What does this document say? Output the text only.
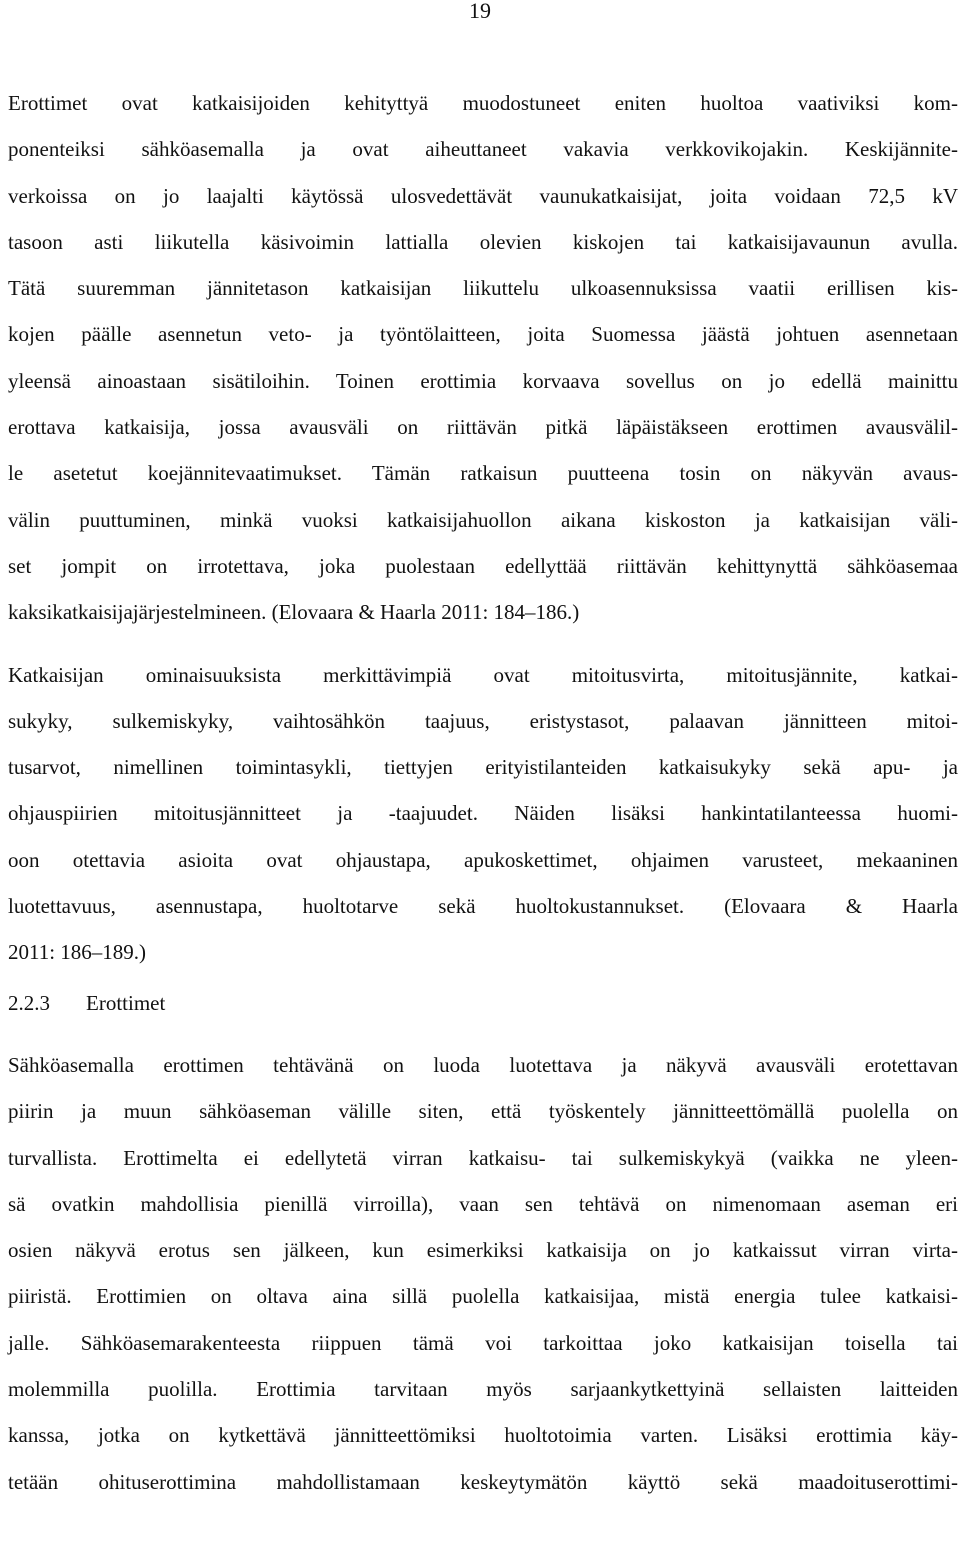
19
Erottimet ovat katkaisijoiden kehityttyä muodostuneet eniten huoltoa vaativiksi kom-
ponenteiksi sähköasemalla ja ovat aiheuttaneet vakavia verkkovikojakin. Keskijännite-
verkoissa on jo laajalti käytössä ulosvedettävät vaunukatkaisijat, joita voidaan 72,5 kV
tasoon asti liikutella käsivoimin lattialla olevien kiskojen tai katkaisijavaunun avulla.
Tätä suuremman jännitetason katkaisijan liikuttelu ulkoasennuksissa vaatii erillisen kis-
kojen päälle asennetun veto- ja työntölaitteen, joita Suomessa jäästä johtuen asennetaan
yleensä ainoastaan sisätiloihin. Toinen erottimia korvaava sovellus on jo edellä mainittu
erottava katkaisija, jossa avausväli on riittävän pitkä läpäistäkseen erottimen avausvälil-
le asetetut koejännitevaatimukset. Tämän ratkaisun puutteena tosin on näkyvän avaus-
välin puuttuminen, minkä vuoksi katkaisijahuollon aikana kiskoston ja katkaisijan väli-
set jompit on irrotettava, joka puolestaan edellyttää riittävän kehittynyttä sähköasemaa
kaksikatkaisijajärjestelmineen. (Elovaara & Haarla 2011: 184–186.)
Katkaisijan ominaisuuksista merkittävimpiä ovat mitoitusvirta, mitoitusjännite, katkai-
sukyky, sulkemiskyky, vaihtosähkön taajuus, eristystasot, palaavan jännitteen mitoi-
tusarvot, nimellinen toimintasykli, tiettyjen erityistilanteiden katkaisukyky sekä apu- ja
ohjauspiirien mitoitusjännitteet ja -taajuudet. Näiden lisäksi hankintatilanteessa huomi-
oon otettavia asioita ovat ohjaustapa, apukoskettimet, ohjaimen varusteet, mekaaninen
luotettavuus, asennustapa, huoltotarve sekä huoltokustannukset. (Elovaara & Haarla
2011: 186–189.)
2.2.3 Erottimet
Sähköasemalla erottimen tehtävänä on luoda luotettava ja näkyvä avausväli erotettavan
piirin ja muun sähköaseman välille siten, että työskentely jännitteettömällä puolella on
turvallista. Erottimelta ei edellytetä virran katkaisu- tai sulkemiskykyä (vaikka ne yleen-
sä ovatkin mahdollisia pienillä virroilla), vaan sen tehtävä on nimenomaan aseman eri
osien näkyvä erotus sen jälkeen, kun esimerkiksi katkaisija on jo katkaissut virran virta-
piiristä. Erottimien on oltava aina sillä puolella katkaisijaa, mistä energia tulee katkaisi-
jalle. Sähköasemarakenteesta riippuen tämä voi tarkoittaa joko katkaisijan toisella tai
molemmilla puolilla. Erottimia tarvitaan myös sarjaankytkettyinä sellaisten laitteiden
kanssa, jotka on kytkettävä jännitteettömiksi huoltotoimia varten. Lisäksi erottimia käy-
tetään ohituserottimina mahdollistamaan keskeytymätön käyttö sekä maadoituserottimi-
